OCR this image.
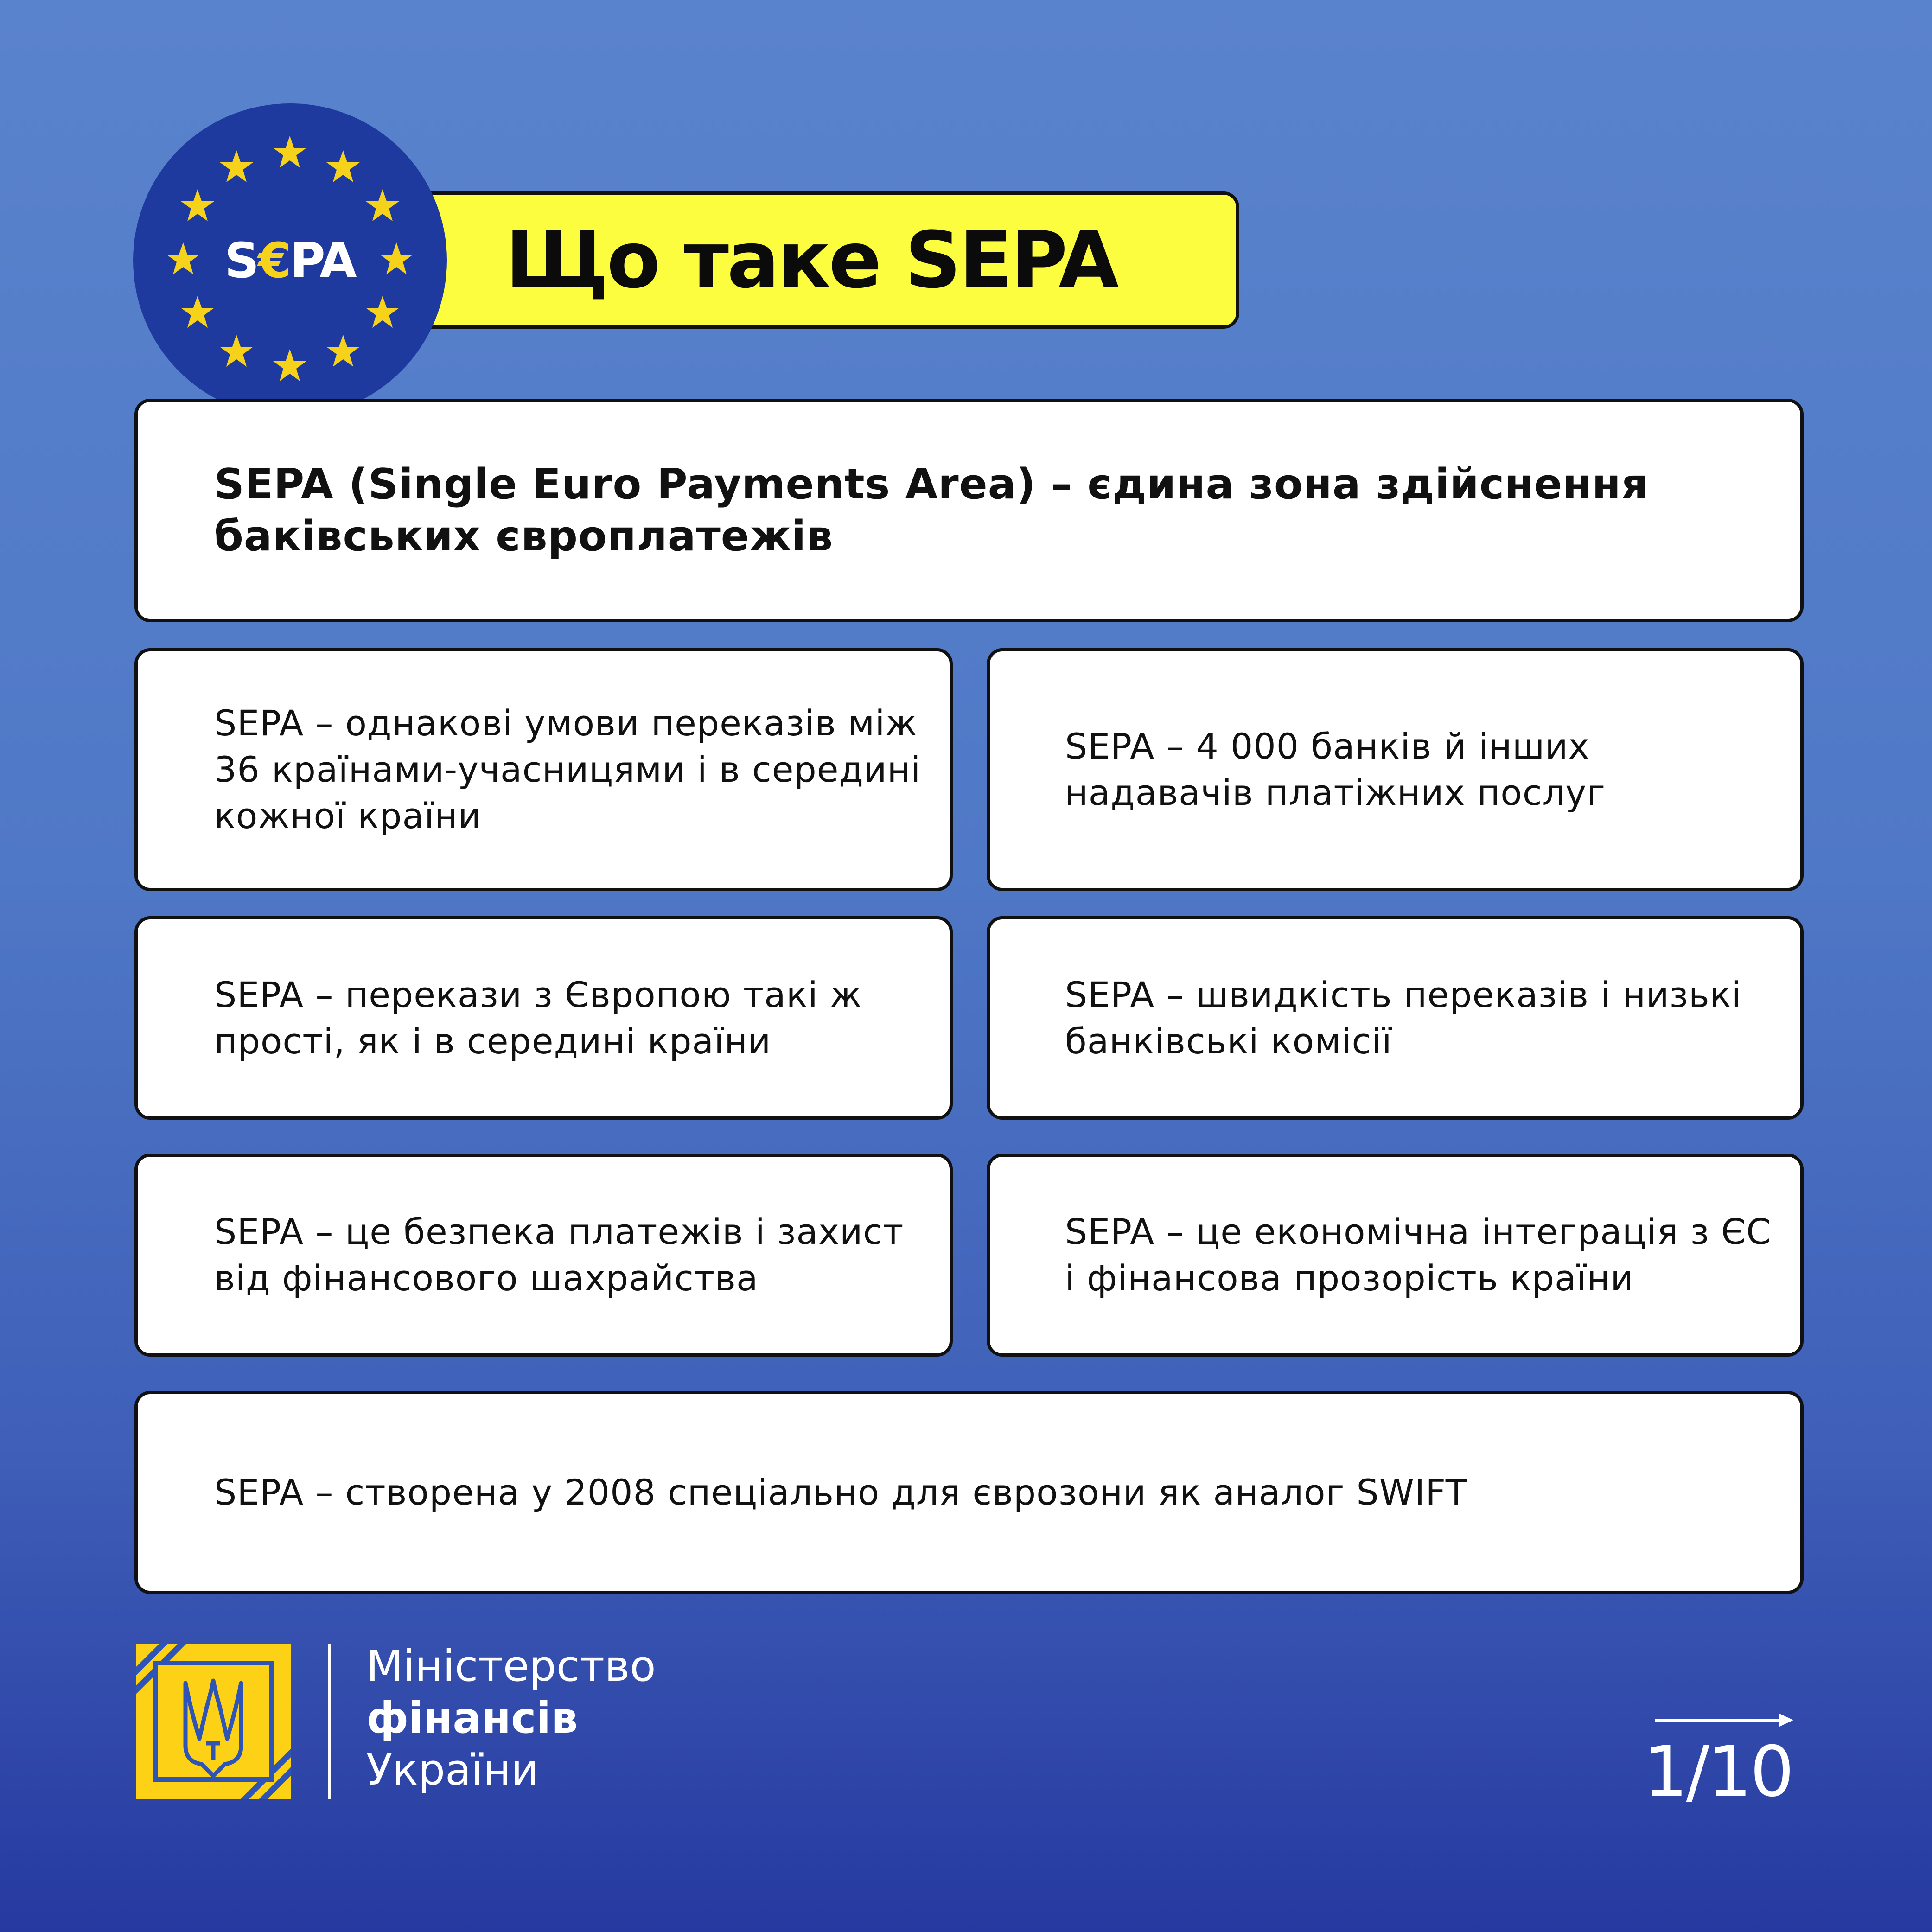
Що таке SEPA
S € PA
SEPA (Single Euro Payments Area) – єдина зона здійснення баківських європлатежів
SEPA – однакові умови переказів між 36 країнами-учасницями і в середині кожної країни
SEPA – 4 000 банків й інших надавачів платіжних послуг
SEPA – перекази з Європою такі ж прості, як і в середині країни
SEPA – швидкість переказів і низькі банківські комісії
SEPA – це безпека платежів і захист від фінансового шахрайства
SEPA – це економічна інтеграція з ЄС і фінансова прозорість країни
SEPA – створена у 2008 спеціально для єврозони як аналог SWIFT
Міністерство
фінансів
України	1/10
